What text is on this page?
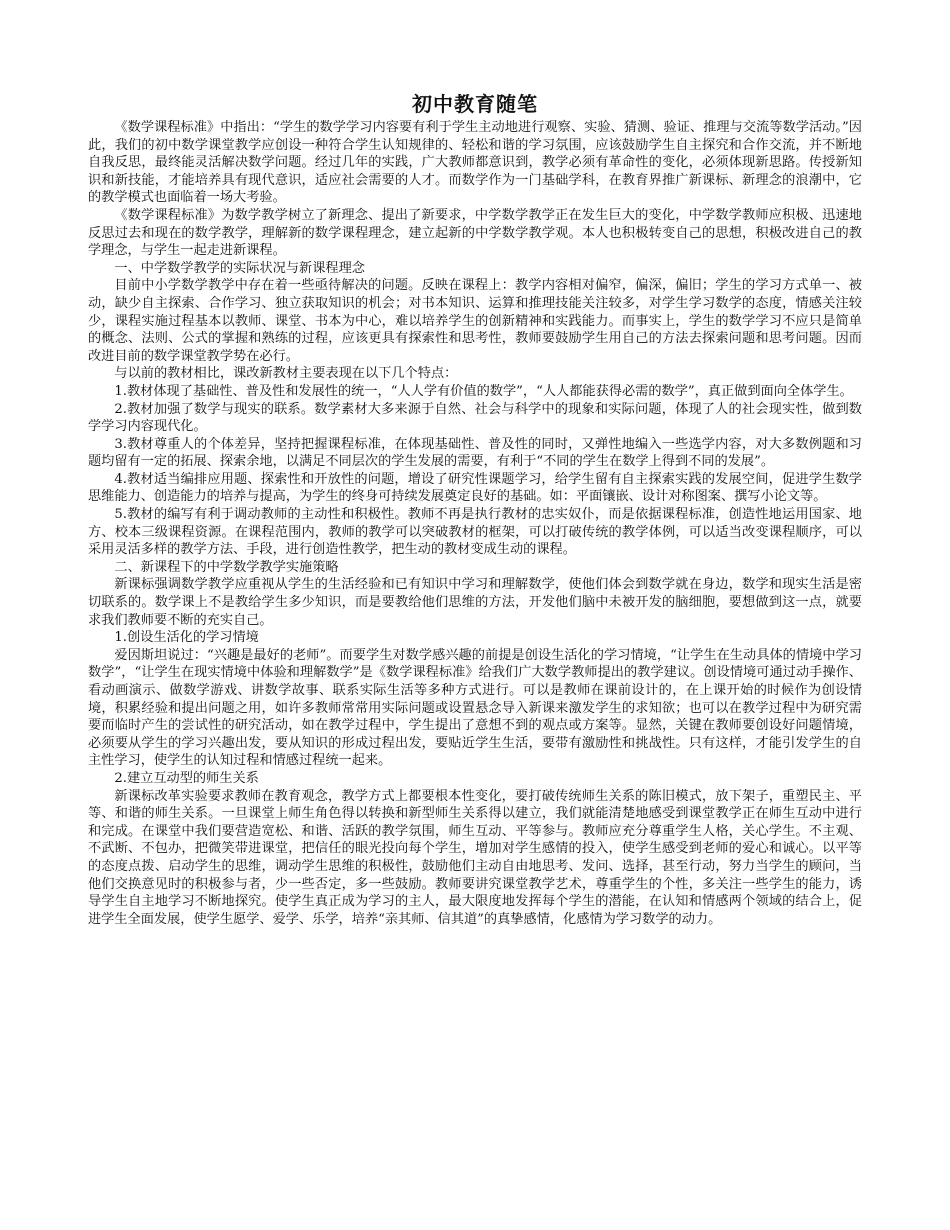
初中教育随笔

《数学课程标准》中指出：“学生的数学学习内容要有利于学生主动地进行观察、实验、猜测、验证、推理与交流等数学活动。”因此，我们的初中数学课堂教学应创设一种符合学生认知规律的、轻松和谐的学习氛围，应该鼓励学生自主探究和合作交流，并不断地自我反思，最终能灵活解决数学问题。经过几年的实践，广大教师都意识到，教学必须有革命性的变化，必须体现新思路。传授新知识和新技能，才能培养具有现代意识，适应社会需要的人才。而数学作为一门基础学科，在教育界推广新课标、新理念的浪潮中，它的教学模式也面临着一场大考验。

《数学课程标准》为数学教学树立了新理念、提出了新要求，中学数学教学正在发生巨大的变化，中学数学教师应积极、迅速地反思过去和现在的数学教学，理解新的数学课程理念，建立起新的中学数学教学观。本人也积极转变自己的思想，积极改进自己的教学理念，与学生一起走进新课程。

一、中学数学教学的实际状况与新课程理念

目前中小学数学教学中存在着一些亟待解决的问题。反映在课程上：教学内容相对偏窄，偏深，偏旧；学生的学习方式单一、被动，缺少自主探索、合作学习、独立获取知识的机会；对书本知识、运算和推理技能关注较多，对学生学习数学的态度，情感关注较少，课程实施过程基本以教师、课堂、书本为中心，难以培养学生的创新精神和实践能力。而事实上，学生的数学学习不应只是简单的概念、法则、公式的掌握和熟练的过程，应该更具有探索性和思考性，教师要鼓励学生用自己的方法去探索问题和思考问题。因而改进目前的数学课堂教学势在必行。

与以前的教材相比，课改新教材主要表现在以下几个特点：

1.教材体现了基础性、普及性和发展性的统一，“人人学有价值的数学”，“人人都能获得必需的数学”，真正做到面向全体学生。

2.教材加强了数学与现实的联系。数学素材大多来源于自然、社会与科学中的现象和实际问题，体现了人的社会现实性，做到数学学习内容现代化。

3.教材尊重人的个体差异，坚持把握课程标准，在体现基础性、普及性的同时，又弹性地编入一些选学内容，对大多数例题和习题均留有一定的拓展、探索余地，以满足不同层次的学生发展的需要，有利于“不同的学生在数学上得到不同的发展”。

4.教材适当编排应用题、探索性和开放性的问题，增设了研究性课题学习，给学生留有自主探索实践的发展空间，促进学生数学思维能力、创造能力的培养与提高，为学生的终身可持续发展奠定良好的基础。如：平面镶嵌、设计对称图案、撰写小论文等。

5.教材的编写有利于调动教师的主动性和积极性。教师不再是执行教材的忠实奴仆，而是依据课程标准，创造性地运用国家、地方、校本三级课程资源。在课程范围内，教师的教学可以突破教材的框架，可以打破传统的教学体例，可以适当改变课程顺序，可以采用灵活多样的教学方法、手段，进行创造性教学，把生动的教材变成生动的课程。

二、新课程下的中学数学教学实施策略

新课标强调数学教学应重视从学生的生活经验和已有知识中学习和理解数学，使他们体会到数学就在身边，数学和现实生活是密切联系的。数学课上不是教给学生多少知识，而是要教给他们思维的方法，开发他们脑中未被开发的脑细胞，要想做到这一点，就要求我们教师要不断的充实自己。

1.创设生活化的学习情境

爱因斯坦说过：“兴趣是最好的老师”。而要学生对数学感兴趣的前提是创设生活化的学习情境，“让学生在生动具体的情境中学习数学”，“让学生在现实情境中体验和理解数学”是《数学课程标准》给我们广大数学教师提出的教学建议。创设情境可通过动手操作、看动画演示、做数学游戏、讲数学故事、联系实际生活等多种方式进行。可以是教师在课前设计的，在上课开始的时候作为创设情境，积累经验和提出问题之用，如许多教师常常用实际问题或设置悬念导入新课来激发学生的求知欲；也可以在教学过程中为研究需要而临时产生的尝试性的研究活动，如在教学过程中，学生提出了意想不到的观点或方案等。显然，关键在教师要创设好问题情境，必须要从学生的学习兴趣出发，要从知识的形成过程出发，要贴近学生生活，要带有激励性和挑战性。只有这样，才能引发学生的自主性学习，使学生的认知过程和情感过程统一起来。

2.建立互动型的师生关系

新课标改革实验要求教师在教育观念，教学方式上都要根本性变化，要打破传统师生关系的陈旧模式，放下架子，重塑民主、平等、和谐的师生关系。一旦课堂上师生角色得以转换和新型师生关系得以建立，我们就能清楚地感受到课堂教学正在师生互动中进行和完成。在课堂中我们要营造宽松、和谐、活跃的教学氛围，师生互动、平等参与。教师应充分尊重学生人格，关心学生。不主观、不武断、不包办，把微笑带进课堂，把信任的眼光投向每个学生，增加对学生感情的投入，使学生感受到老师的爱心和诚心。以平等的态度点拨、启动学生的思维，调动学生思维的积极性，鼓励他们主动自由地思考、发问、选择，甚至行动，努力当学生的顾问，当他们交换意见时的积极参与者，少一些否定，多一些鼓励。教师要讲究课堂教学艺术，尊重学生的个性，多关注一些学生的能力，诱导学生自主地学习不断地探究。使学生真正成为学习的主人，最大限度地发挥每个学生的潜能，在认知和情感两个领域的结合上，促进学生全面发展，使学生愿学、爱学、乐学，培养“亲其师、信其道”的真挚感情，化感情为学习数学的动力。
